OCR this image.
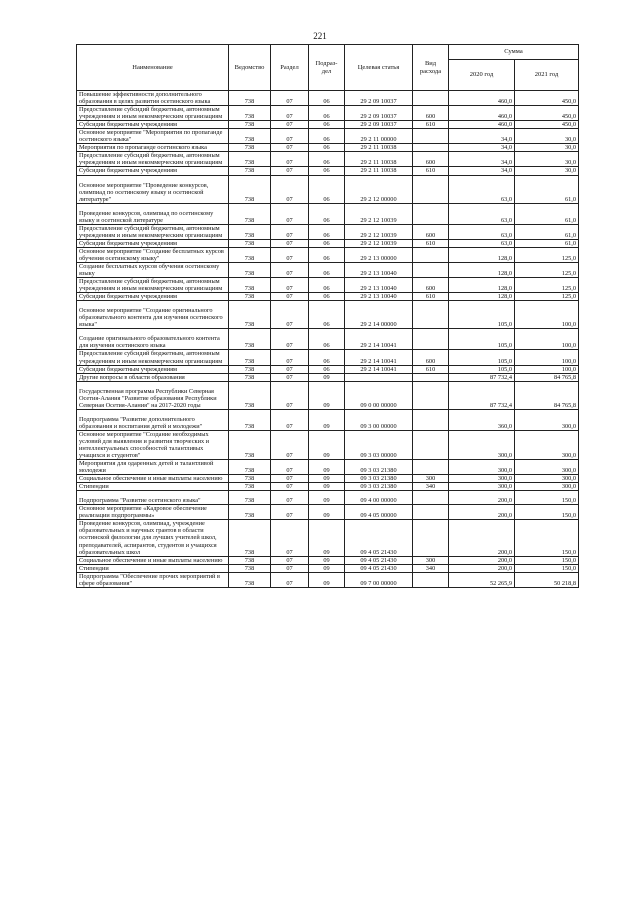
221
Наименование	Ведомство	Раздел	Подраз-дел	Целевая статья	Вид расхода	Сумма	
						2020 год	2021 год
Повышение эффективности дополнительного образования в целях развития осетинского языка	738	07	06	29 2 09 10037		460,0	450,0
Предоставление субсидий бюджетным, автономным учреждениям и иным некоммерческим организациям	738	07	06	29 2 09 10037	600	460,0	450,0
Субсидии бюджетным учреждениям	738	07	06	29 2 09 10037	610	460,0	450,0
Основное мероприятие "Мероприятия по пропаганде осетинского языка"	738	07	06	29 2 11 00000		34,0	30,0
Мероприятия по пропаганде осетинского языка	738	07	06	29 2 11 10038		34,0	30,0
Предоставление субсидий бюджетным, автономным учреждениям и иным некоммерческим организациям	738	07	06	29 2 11 10038	600	34,0	30,0
Субсидии бюджетным учреждениям	738	07	06	29 2 11 10038	610	34,0	30,0
Основное мероприятие "Проведение конкурсов, олимпиад по осетинскому языку и осетинской литературе"	738	07	06	29 2 12 00000		63,0	61,0
Проведение конкурсов, олимпиад по осетинскому языку и осетинской литературе	738	07	06	29 2 12 10039		63,0	61,0
Предоставление субсидий бюджетным, автономным учреждениям и иным некоммерческим организациям	738	07	06	29 2 12 10039	600	63,0	61,0
Субсидии бюджетным учреждениям	738	07	06	29 2 12 10039	610	63,0	61,0
Основное мероприятие "Создание бесплатных курсов обучения осетинскому языку"	738	07	06	29 2 13 00000		128,0	125,0
Создание бесплатных курсов обучения осетинскому языку	738	07	06	29 2 13 10040		128,0	125,0
Предоставление субсидий бюджетным, автономным учреждениям и иным некоммерческим организациям	738	07	06	29 2 13 10040	600	128,0	125,0
Субсидии бюджетным учреждениям	738	07	06	29 2 13 10040	610	128,0	125,0
Основное мероприятие "Создание оригинального образовательного контента для изучения осетинского языка"	738	07	06	29 2 14 00000		105,0	100,0
Создание оригинального образовательного контента для изучения осетинского языка	738	07	06	29 2 14 10041		105,0	100,0
Предоставление субсидий бюджетным, автономным учреждениям и иным некоммерческим организациям	738	07	06	29 2 14 10041	600	105,0	100,0
Субсидии бюджетным учреждениям	738	07	06	29 2 14 10041	610	105,0	100,0
Другие вопросы в области образования	738	07	09			87 732,4	84 765,8
Государственная программа Республики Северная Осетия-Алания "Развитие образования Республики Северная Осетия-Алания" на 2017-2020 годы	738	07	09	09 0 00 00000		87 732,4	84 765,8
Подпрограмма "Развитие дополнительного образования и воспитания детей и молодежи"	738	07	09	09 3 00 00000		360,0	300,0
Основное мероприятие "Создание необходимых условий для выявления и развития творческих и интеллектуальных способностей талантливых учащихся и студентов"	738	07	09	09 3 03 00000		300,0	300,0
Мероприятия для одаренных детей и талантливой молодежи	738	07	09	09 3 03 21380		300,0	300,0
Социальное обеспечение и иные выплаты населению	738	07	09	09 3 03 21380	300	300,0	300,0
Стипендии	738	07	09	09 3 03 21380	340	300,0	300,0
Подпрограмма "Развитие осетинского языка"	738	07	09	09 4 00 00000		200,0	150,0
Основное мероприятие «Кадровое обеспечение реализации подпрограммы»	738	07	09	09 4 05 00000		200,0	150,0
Проведение конкурсов, олимпиад, учреждение образовательных и научных грантов в области осетинской филологии для лучших учителей школ, преподавателей, аспирантов, студентов и учащихся образовательных школ	738	07	09	09 4 05 21430		200,0	150,0
Социальное обеспечение и иные выплаты населению	738	07	09	09 4 05 21430	300	200,0	150,0
Стипендии	738	07	09	09 4 05 21430	340	200,0	150,0
Подпрограмма "Обеспечение прочих мероприятий в сфере образования"	738	07	09	09 7 00 00000		52 265,9	50 218,8
